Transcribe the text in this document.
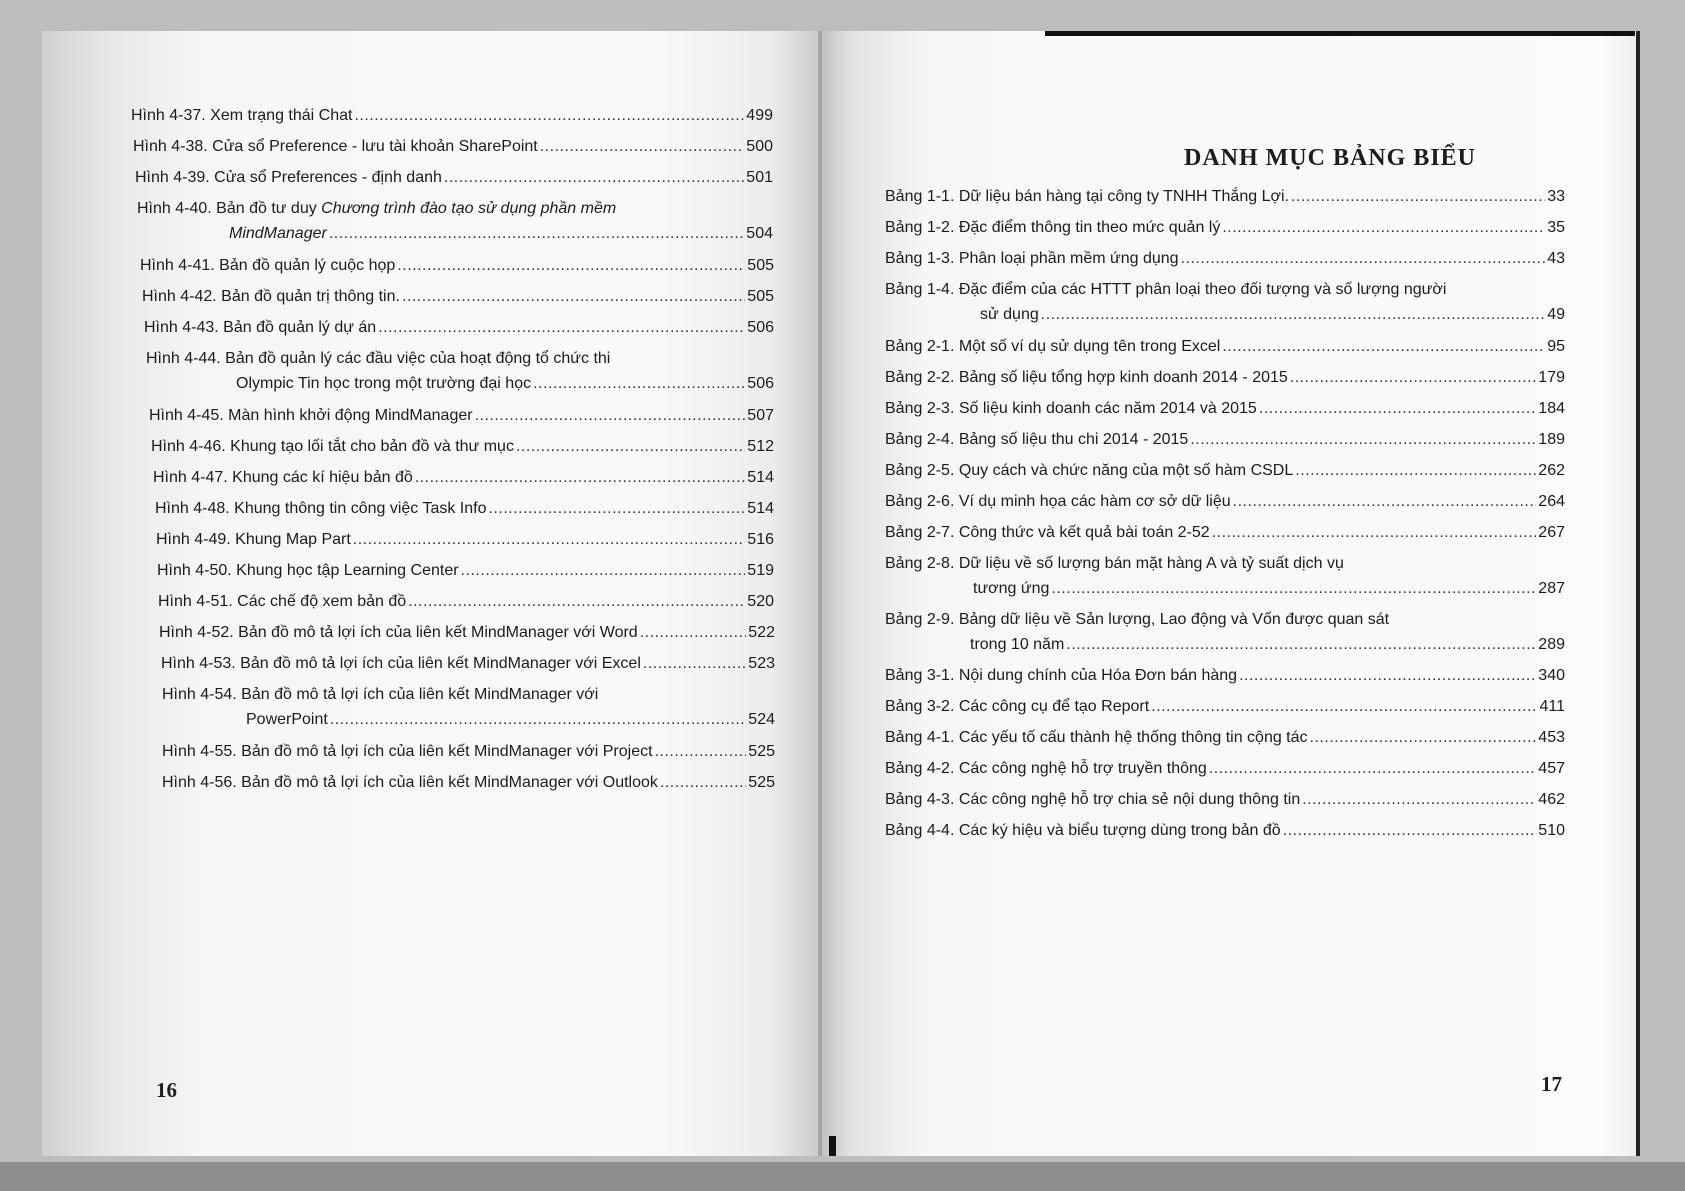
DANH MỤC BẢNG BIỂU
Hình 4-37. Xem trạng thái Chat .....	499
Hình 4-38. Cửa sổ Preference - lưu tài khoản SharePoint .....	500
Hình 4-39. Cửa sổ Preferences - định danh .....	501
Hình 4-40. Bản đồ tư duy Chương trình đào tạo sử dụng phần mềm
MindManager .....	504
Hình 4-41. Bản đồ quản lý cuộc họp .....	505
Hình 4-42. Bản đồ quản trị thông tin. .....	505
Hình 4-43. Bản đồ quản lý dự án .....	506
Hình 4-44. Bản đồ quản lý các đầu việc của hoạt động tổ chức thi
Olympic Tin học trong một trường đại học .....	506
Hình 4-45. Màn hình khởi động MindManager .....	507
Hình 4-46. Khung tạo lối tắt cho bản đồ và thư mục .....	512
Hình 4-47. Khung các kí hiệu bản đồ .....	514
Hình 4-48. Khung thông tin công việc Task Info .....	514
Hình 4-49. Khung Map Part .....	516
Hình 4-50. Khung học tập Learning Center .....	519
Hình 4-51. Các chế độ xem bản đồ .....	520
Hình 4-52. Bản đồ mô tả lợi ích của liên kết MindManager với Word .....	522
Hình 4-53. Bản đồ mô tả lợi ích của liên kết MindManager với Excel .....	523
Hình 4-54. Bản đồ mô tả lợi ích của liên kết MindManager với
PowerPoint .....	524
Hình 4-55. Bản đồ mô tả lợi ích của liên kết MindManager với Project .....	525
Hình 4-56. Bản đồ mô tả lợi ích của liên kết MindManager với Outlook .....	525
16
Bảng 1-1. Dữ liệu bán hàng tại công ty TNHH Thắng Lợi. .....	33
Bảng 1-2. Đặc điểm thông tin theo mức quản lý .....	35
Bảng 1-3. Phân loại phần mềm ứng dụng .....	43
Bảng 1-4. Đặc điểm của các HTTT phân loại theo đối tượng và số lượng người
sử dụng .....	49
Bảng 2-1. Một số ví dụ sử dụng tên trong Excel .....	95
Bảng 2-2. Bảng số liệu tổng hợp kinh doanh 2014 - 2015 .....	179
Bảng 2-3. Số liệu kinh doanh các năm 2014 và 2015 .....	184
Bảng 2-4. Bảng số liệu thu chi 2014 - 2015 .....	189
Bảng 2-5. Quy cách và chức năng của một số hàm CSDL .....	262
Bảng 2-6. Ví dụ minh họa các hàm cơ sở dữ liệu .....	264
Bảng 2-7. Công thức và kết quả bài toán 2-52 .....	267
Bảng 2-8. Dữ liệu về số lượng bán mặt hàng A và tỷ suất dịch vụ
tương ứng .....	287
Bảng 2-9. Bảng dữ liệu về Sản lượng, Lao động và Vốn được quan sát
trong 10 năm .....	289
Bảng 3-1. Nội dung chính của Hóa Đơn bán hàng .....	340
Bảng 3-2. Các công cụ để tạo Report .....	411
Bảng 4-1. Các yếu tố cấu thành hệ thống thông tin cộng tác .....	453
Bảng 4-2. Các công nghệ hỗ trợ truyền thông .....	457
Bảng 4-3. Các công nghệ hỗ trợ chia sẻ nội dung thông tin .....	462
Bảng 4-4. Các ký hiệu và biểu tượng dùng trong bản đồ .....	510
17
